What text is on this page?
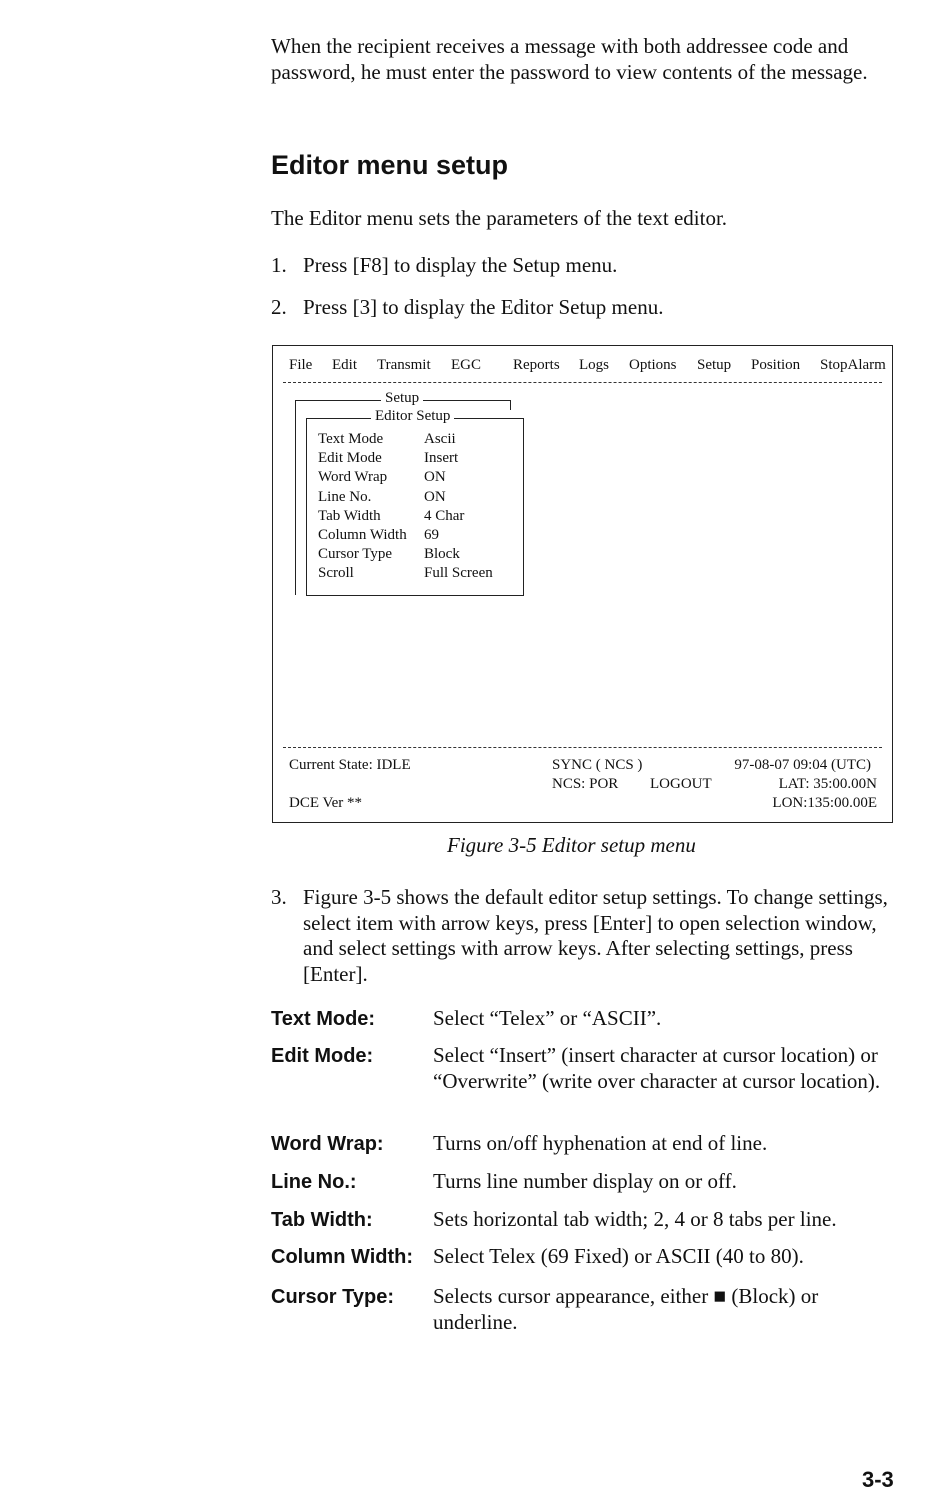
When the recipient receives a message with both addressee code and password, he must enter the password to view contents of the message.

Editor menu setup

The Editor menu sets the parameters of the text editor.

1. Press [F8] to display the Setup menu.
2. Press [3] to display the Editor Setup menu.
File Edit Transmit EGC Reports Logs Options Setup Position StopAlarm
Setup
Editor Setup
Text Mode	Ascii
Edit Mode	Insert
Word Wrap ON
Line No.	ON
Tab Width	4 Char
Column Width 69
Cursor Type Block
Scroll	Full Screen
Current State: IDLE	SYNC ( NCS )	97-08-07 09:04 (UTC)
NCS: POR LOGOUT	LAT: 35:00.00N
DCE Ver **	LON:135:00.00E

Figure 3-5 Editor setup menu

3. Figure 3-5 shows the default editor setup settings. To change settings, select item with arrow keys, press [Enter] to open selection window, and select settings with arrow keys. After selecting settings, press [Enter].
Text Mode:	Select “Telex” or “ASCII”.
Edit Mode:	Select “Insert” (insert character at cursor location) or “Overwrite” (write over character at cursor location).
Word Wrap: Turns on/off hyphenation at end of line.
Line No.:	Turns line number display on or off.
Tab Width:	Sets horizontal tab width; 2, 4 or 8 tabs per line.
Column Width: Select Telex (69 Fixed) or ASCII (40 to 80).
Cursor Type: Selects cursor appearance, either ■ (Block) or underline.

3-3
